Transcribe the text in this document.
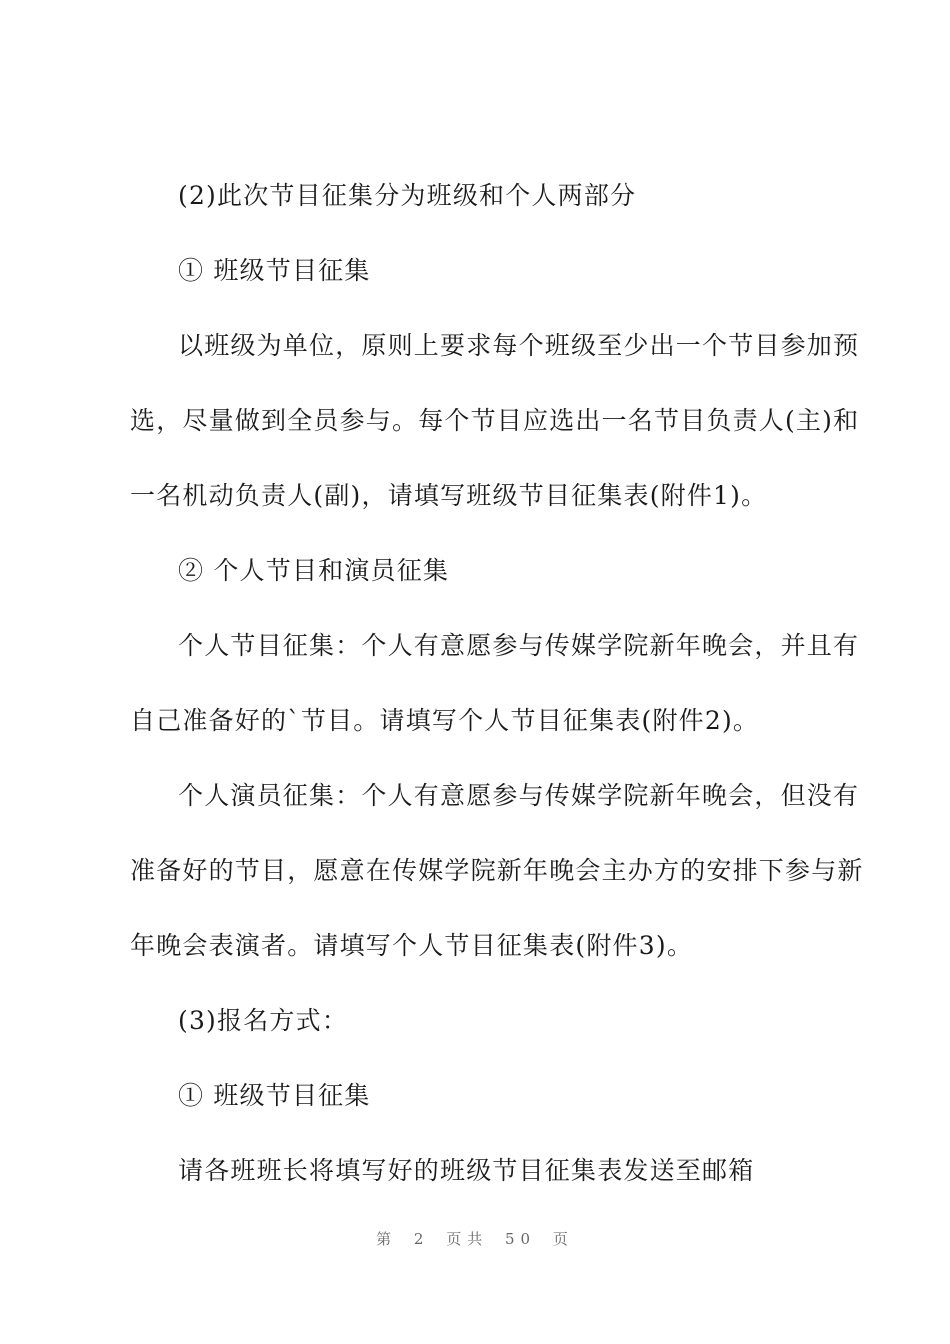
(2)此次节目征集分为班级和个人两部分
① 班级节目征集
以班级为单位，原则上要求每个班级至少出一个节目参加预
选，尽量做到全员参与。每个节目应选出一名节目负责人(主)和
一名机动负责人(副)，请填写班级节目征集表(附件1)。
② 个人节目和演员征集
个人节目征集：个人有意愿参与传媒学院新年晚会，并且有
自己准备好的`节目。请填写个人节目征集表(附件2)。
个人演员征集：个人有意愿参与传媒学院新年晚会，但没有
准备好的节目，愿意在传媒学院新年晚会主办方的安排下参与新
年晚会表演者。请填写个人节目征集表(附件3)。
(3)报名方式：
① 班级节目征集
请各班班长将填写好的班级节目征集表发送至邮箱
第 2 页共 50 页
